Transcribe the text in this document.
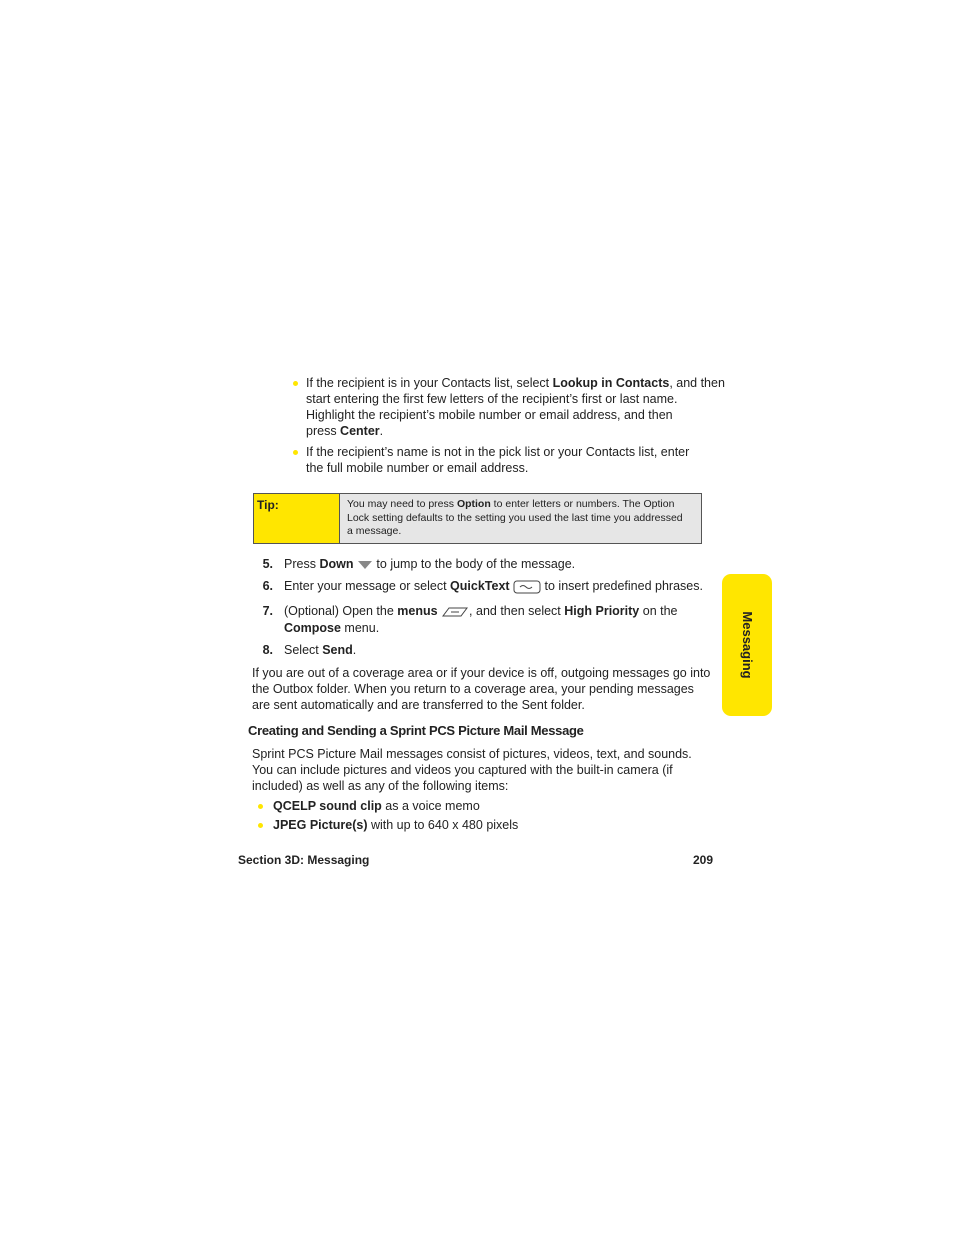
If the recipient is in your Contacts list, select Lookup in Contacts, and then
start entering the first few letters of the recipient’s first or last name.
Highlight the recipient’s mobile number or email address, and then
press Center.
If the recipient’s name is not in the pick list or your Contacts list, enter
the full mobile number or email address.
Tip:	You may need to press Option to enter letters or numbers. The Option
Lock setting defaults to the setting you used the last time you addressed
a message.
5. Press Down  to jump to the body of the message.
6. Enter your message or select QuickText	to insert predefined phrases.
7. (Optional) Open the menus	, and then select High Priority on the
Compose menu.
8. Select Send.
If you are out of a coverage area or if your device is off, outgoing messages go into
the Outbox folder. When you return to a coverage area, your pending messages
are sent automatically and are transferred to the Sent folder.
Creating and Sending a Sprint PCS Picture Mail Message
Sprint PCS Picture Mail messages consist of pictures, videos, text, and sounds.
You can include pictures and videos you captured with the built-in camera (if
included) as well as any of the following items:
QCELP sound clip as a voice memo
JPEG Picture(s) with up to 640 x 480 pixels
Section 3D: Messaging	209
Messaging
